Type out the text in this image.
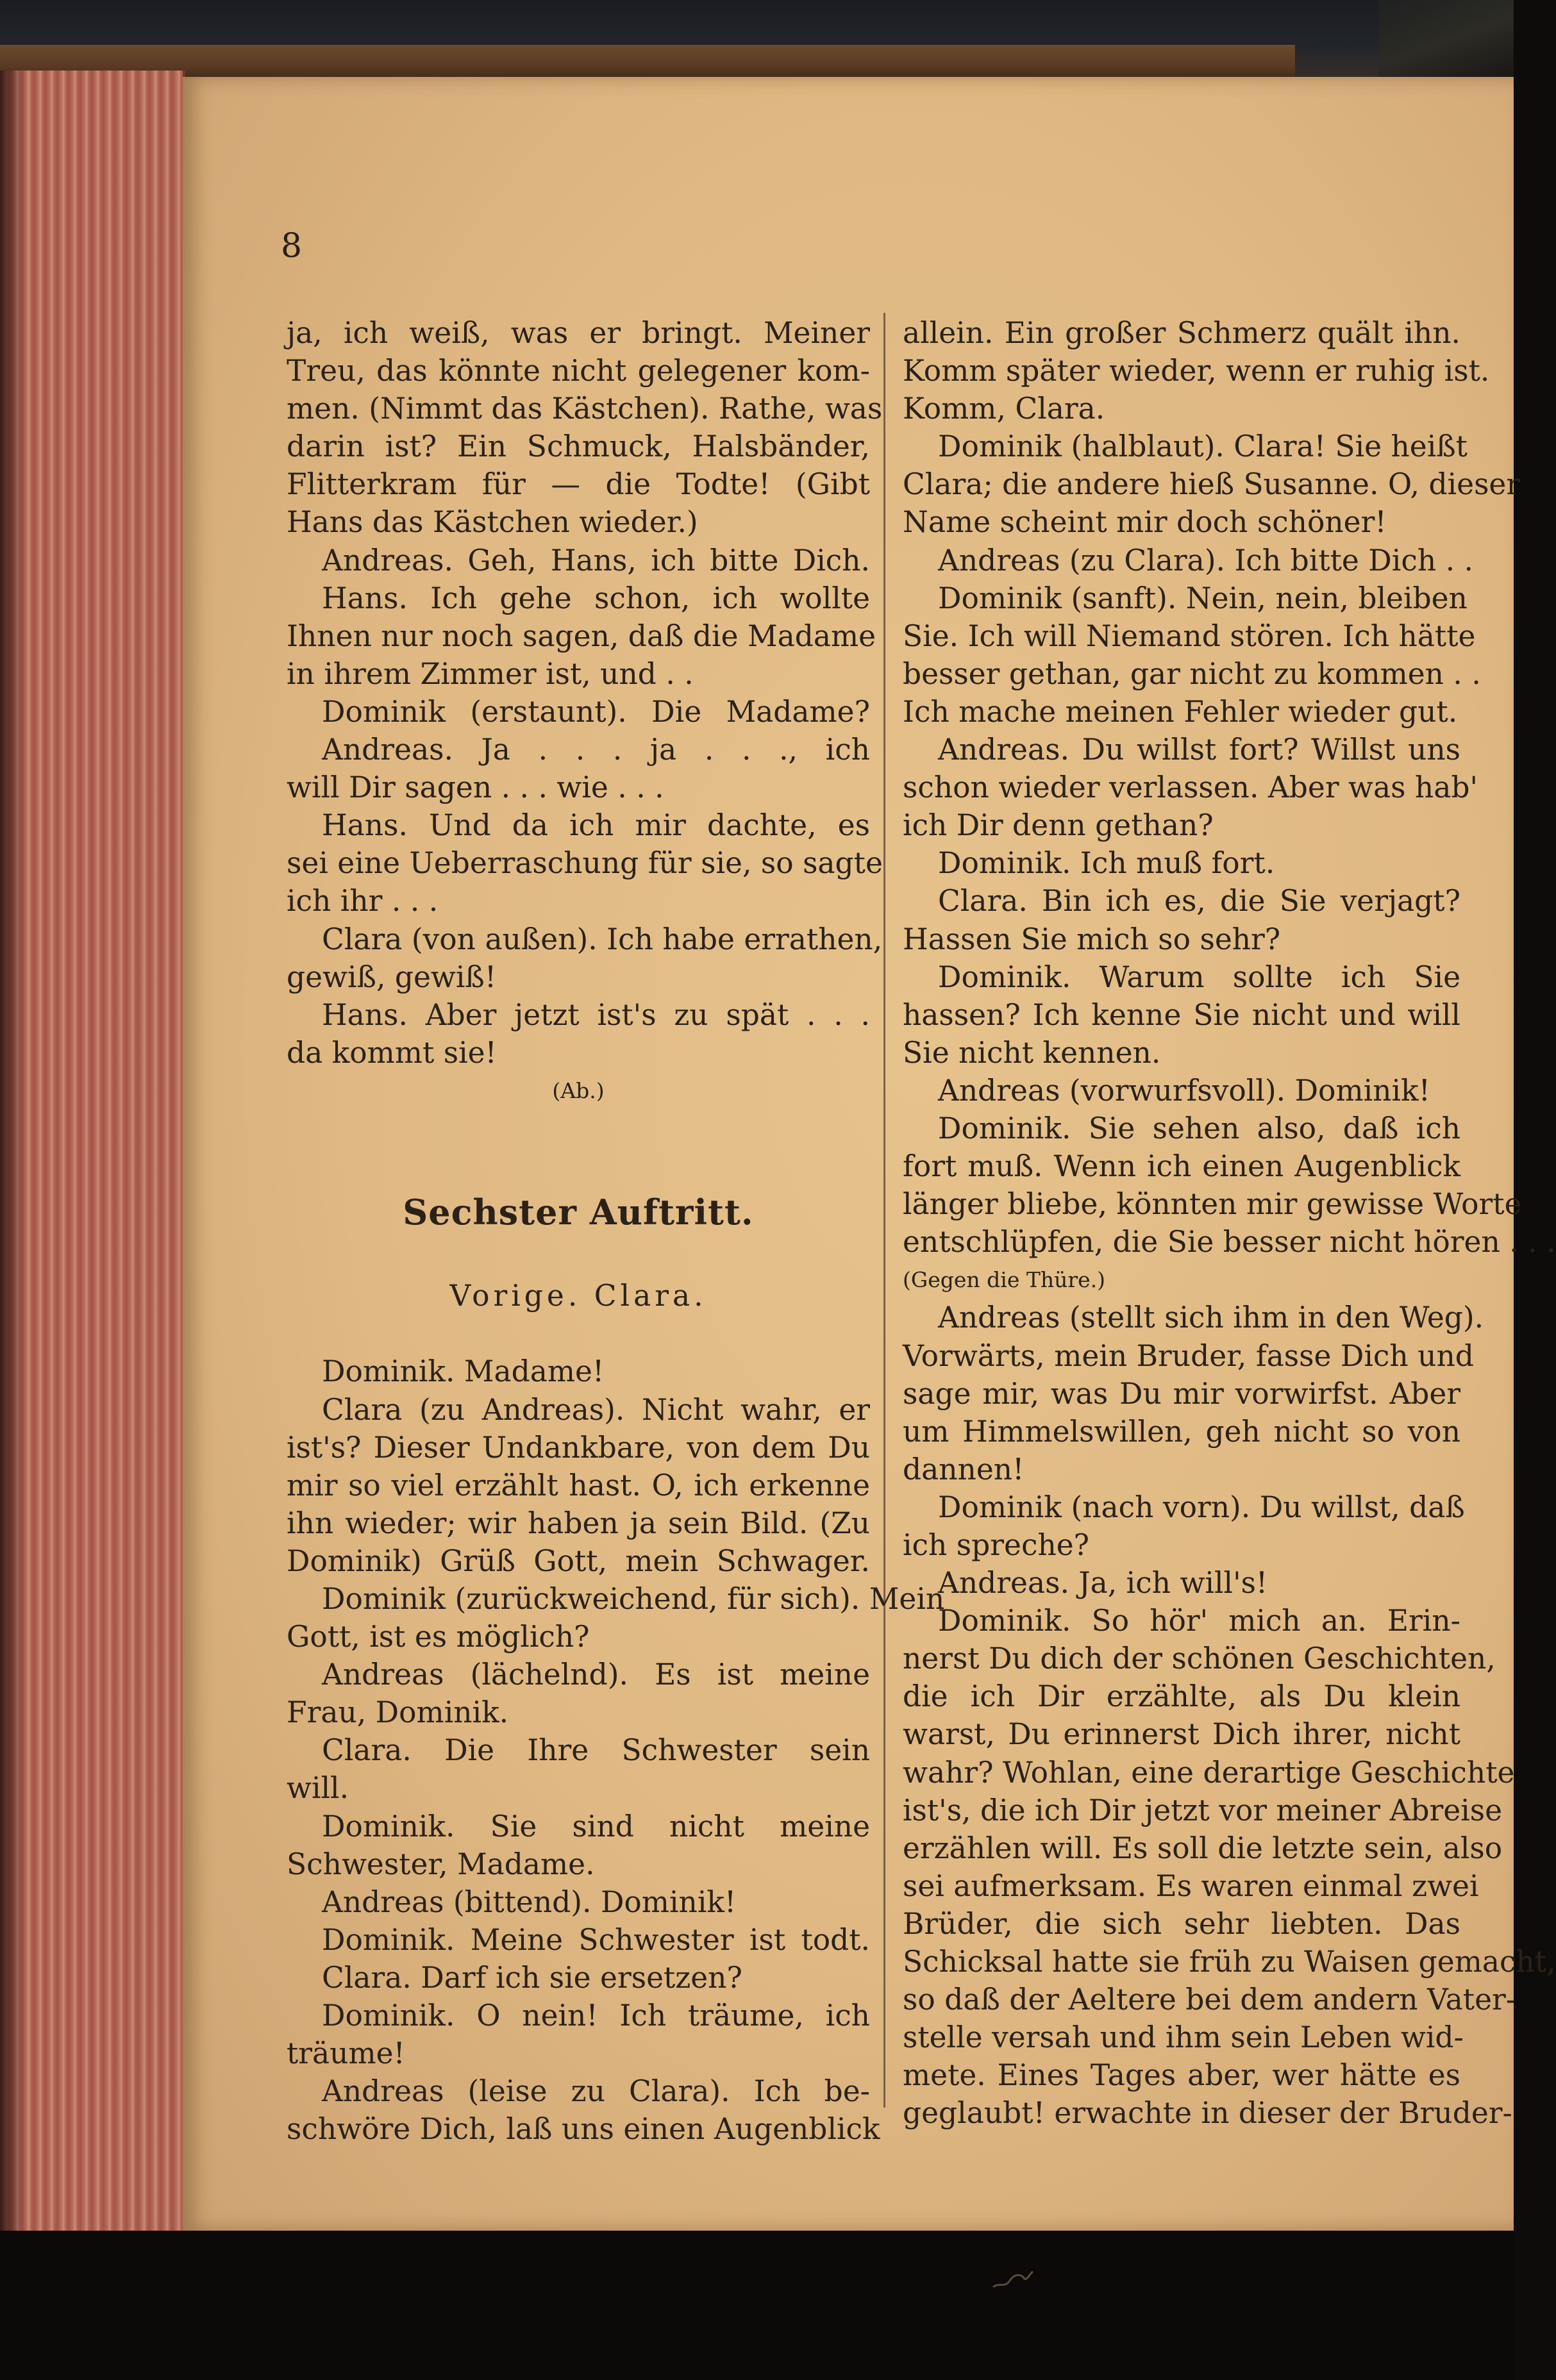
8
ja, ich weiß, was er bringt. Meiner
Treu, das könnte nicht gelegener kom-
men. (Nimmt das Kästchen). Rathe, was
darin ist? Ein Schmuck, Halsbänder,
Flitterkram für — die Todte! (Gibt
Hans das Kästchen wieder.)
Andreas. Geh, Hans, ich bitte Dich.
Hans. Ich gehe schon, ich wollte
Ihnen nur noch sagen, daß die Madame
in ihrem Zimmer ist, und . .
Dominik (erstaunt). Die Madame?
Andreas. Ja . . . ja . . ., ich
will Dir sagen . . . wie . . .
Hans. Und da ich mir dachte, es
sei eine Ueberraschung für sie, so sagte
ich ihr . . .
Clara (von außen). Ich habe errathen,
gewiß, gewiß!
Hans. Aber jetzt ist's zu spät . . .
da kommt sie!
(Ab.)
Sechster Auftritt.
Vorige. Clara.
Dominik. Madame!
Clara (zu Andreas). Nicht wahr, er
ist's? Dieser Undankbare, von dem Du
mir so viel erzählt hast. O, ich erkenne
ihn wieder; wir haben ja sein Bild. (Zu
Dominik) Grüß Gott, mein Schwager.
Dominik (zurückweichend, für sich). Mein
Gott, ist es möglich?
Andreas (lächelnd). Es ist meine
Frau, Dominik.
Clara. Die Ihre Schwester sein
will.
Dominik. Sie sind nicht meine
Schwester, Madame.
Andreas (bittend). Dominik!
Dominik. Meine Schwester ist todt.
Clara. Darf ich sie ersetzen?
Dominik. O nein! Ich träume, ich
träume!
Andreas (leise zu Clara). Ich be-
schwöre Dich, laß uns einen Augenblick
allein. Ein großer Schmerz quält ihn.
Komm später wieder, wenn er ruhig ist.
Komm, Clara.
Dominik (halblaut). Clara! Sie heißt
Clara; die andere hieß Susanne. O, dieser
Name scheint mir doch schöner!
Andreas (zu Clara). Ich bitte Dich . .
Dominik (sanft). Nein, nein, bleiben
Sie. Ich will Niemand stören. Ich hätte
besser gethan, gar nicht zu kommen . .
Ich mache meinen Fehler wieder gut.
Andreas. Du willst fort? Willst uns
schon wieder verlassen. Aber was hab'
ich Dir denn gethan?
Dominik. Ich muß fort.
Clara. Bin ich es, die Sie verjagt?
Hassen Sie mich so sehr?
Dominik. Warum sollte ich Sie
hassen? Ich kenne Sie nicht und will
Sie nicht kennen.
Andreas (vorwurfsvoll). Dominik!
Dominik. Sie sehen also, daß ich
fort muß. Wenn ich einen Augenblick
länger bliebe, könnten mir gewisse Worte
entschlüpfen, die Sie besser nicht hören . . .
(Gegen die Thüre.)
Andreas (stellt sich ihm in den Weg).
Vorwärts, mein Bruder, fasse Dich und
sage mir, was Du mir vorwirfst. Aber
um Himmelswillen, geh nicht so von
dannen!
Dominik (nach vorn). Du willst, daß
ich spreche?
Andreas. Ja, ich will's!
Dominik. So hör' mich an. Erin-
nerst Du dich der schönen Geschichten,
die ich Dir erzählte, als Du klein
warst, Du erinnerst Dich ihrer, nicht
wahr? Wohlan, eine derartige Geschichte
ist's, die ich Dir jetzt vor meiner Abreise
erzählen will. Es soll die letzte sein, also
sei aufmerksam. Es waren einmal zwei
Brüder, die sich sehr liebten. Das
Schicksal hatte sie früh zu Waisen gemacht,
so daß der Aeltere bei dem andern Vater-
stelle versah und ihm sein Leben wid-
mete. Eines Tages aber, wer hätte es
geglaubt! erwachte in dieser der Bruder-
